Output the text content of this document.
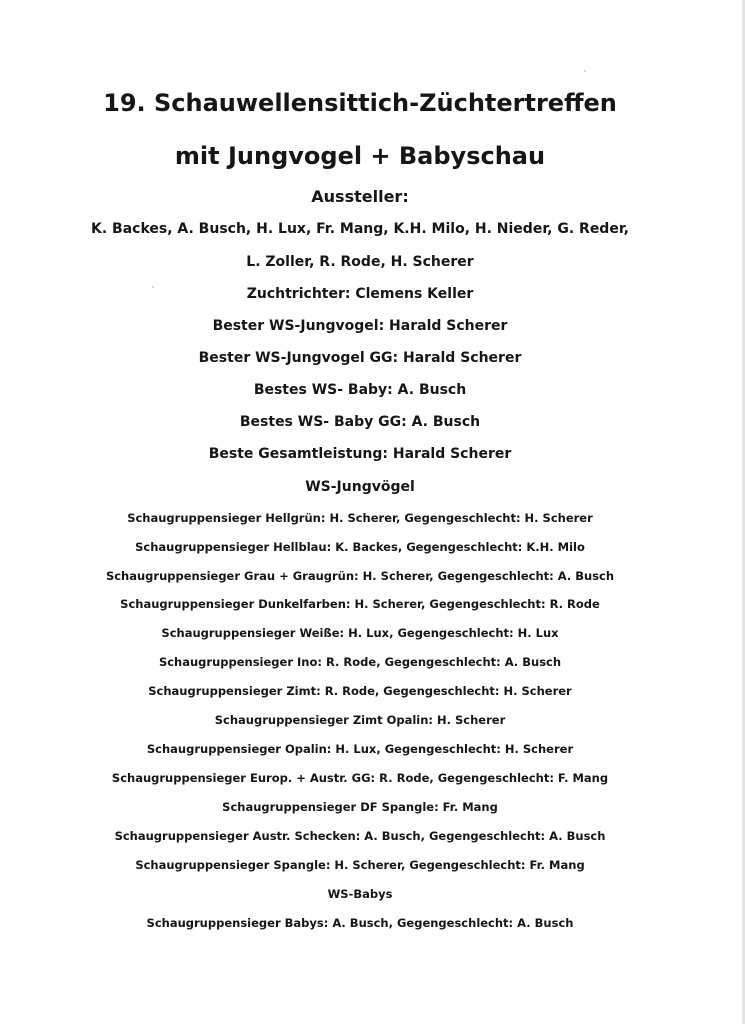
19. Schauwellensittich-Züchtertreffen
mit Jungvogel + Babyschau
Aussteller:
K. Backes, A. Busch, H. Lux, Fr. Mang, K.H. Milo, H. Nieder, G. Reder,
L. Zoller, R. Rode, H. Scherer
Zuchtrichter: Clemens Keller
Bester WS-Jungvogel: Harald Scherer
Bester WS-Jungvogel GG: Harald Scherer
Bestes WS- Baby: A. Busch
Bestes WS- Baby GG: A. Busch
Beste Gesamtleistung: Harald Scherer
WS-Jungvögel
Schaugruppensieger Hellgrün: H. Scherer, Gegengeschlecht: H. Scherer
Schaugruppensieger Hellblau: K. Backes, Gegengeschlecht: K.H. Milo
Schaugruppensieger Grau + Graugrün: H. Scherer, Gegengeschlecht: A. Busch
Schaugruppensieger Dunkelfarben: H. Scherer, Gegengeschlecht: R. Rode
Schaugruppensieger Weiße: H. Lux, Gegengeschlecht: H. Lux
Schaugruppensieger Ino: R. Rode, Gegengeschlecht: A. Busch
Schaugruppensieger Zimt: R. Rode, Gegengeschlecht: H. Scherer
Schaugruppensieger Zimt Opalin: H. Scherer
Schaugruppensieger Opalin: H. Lux, Gegengeschlecht: H. Scherer
Schaugruppensieger Europ. + Austr. GG: R. Rode, Gegengeschlecht: F. Mang
Schaugruppensieger DF Spangle: Fr. Mang
Schaugruppensieger Austr. Schecken: A. Busch, Gegengeschlecht: A. Busch
Schaugruppensieger Spangle: H. Scherer, Gegengeschlecht: Fr. Mang
WS-Babys
Schaugruppensieger Babys: A. Busch, Gegengeschlecht: A. Busch
